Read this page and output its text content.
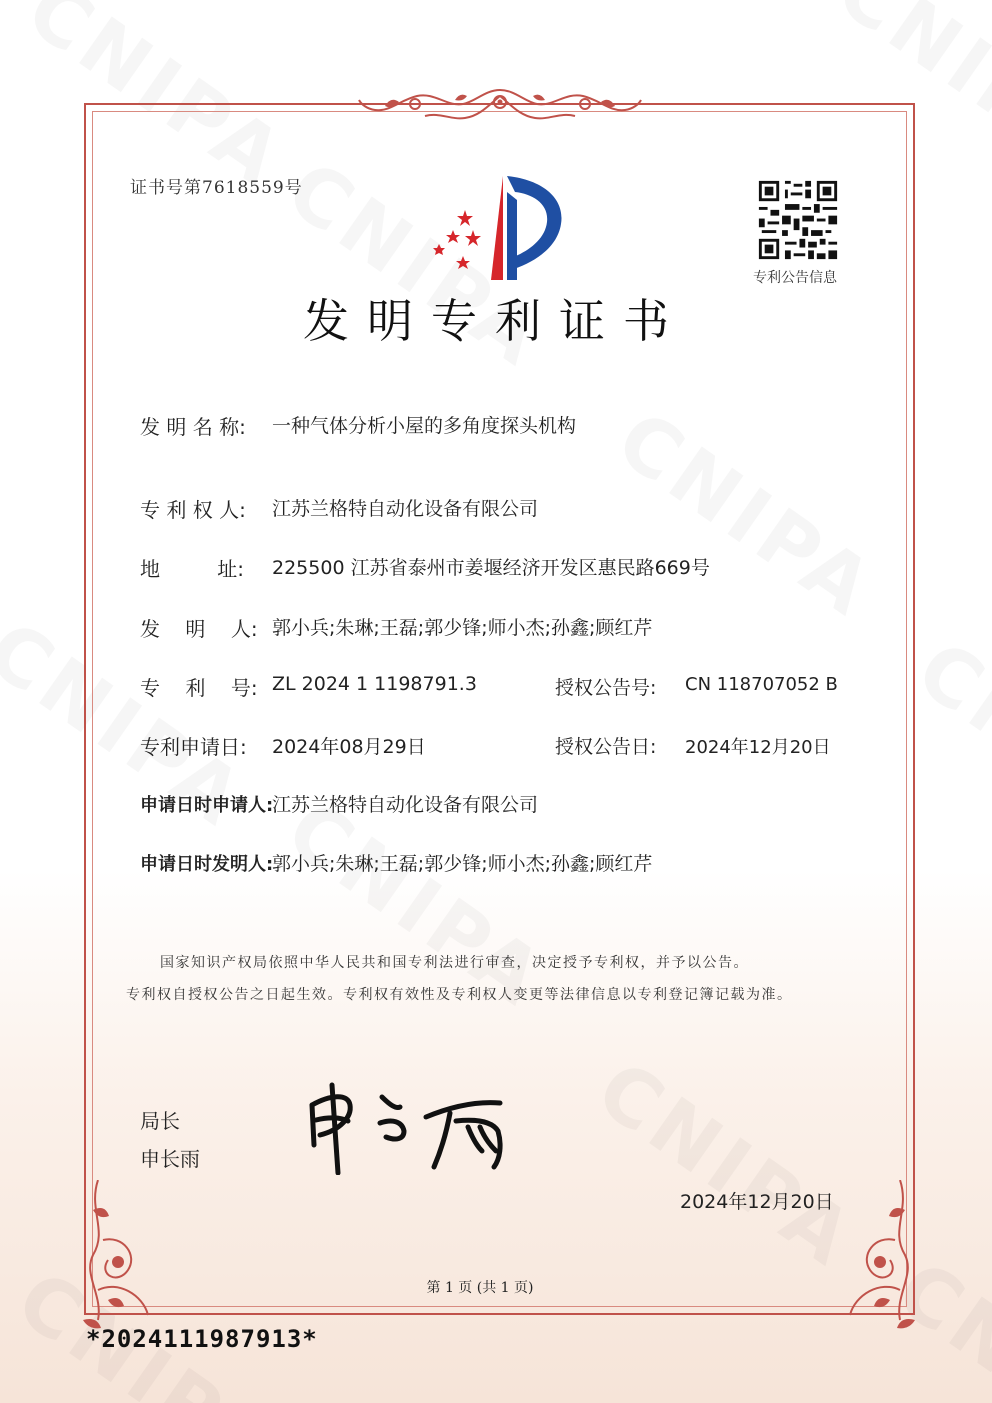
证书号第7618559号
专利公告信息
发明专利证书
发 明 名 称: 一种气体分析小屋的多角度探头机构
专 利 权 人: 江苏兰格特自动化设备有限公司
地         址: 225500 江苏省泰州市姜堰经济开发区惠民路669号
发    明    人: 郭小兵;朱琳;王磊;郭少锋;师小杰;孙鑫;顾红芹
专    利    号: ZL 2024 1 1198791.3	授权公告号: CN 118707052 B
专利申请日: 2024年08月29日	授权公告日: 2024年12月20日
申请日时申请人:
江苏兰格特自动化设备有限公司
申请日时发明人:
郭小兵;朱琳;王磊;郭少锋;师小杰;孙鑫;顾红芹
国家知识产权局依照中华人民共和国专利法进行审查，决定授予专利权，并予以公告。
专利权自授权公告之日起生效。专利权有效性及专利权人变更等法律信息以专利登记簿记载为准。
局长
申长雨
2024年12月20日
第 1 页 (共 1 页)
*2024111987913*
